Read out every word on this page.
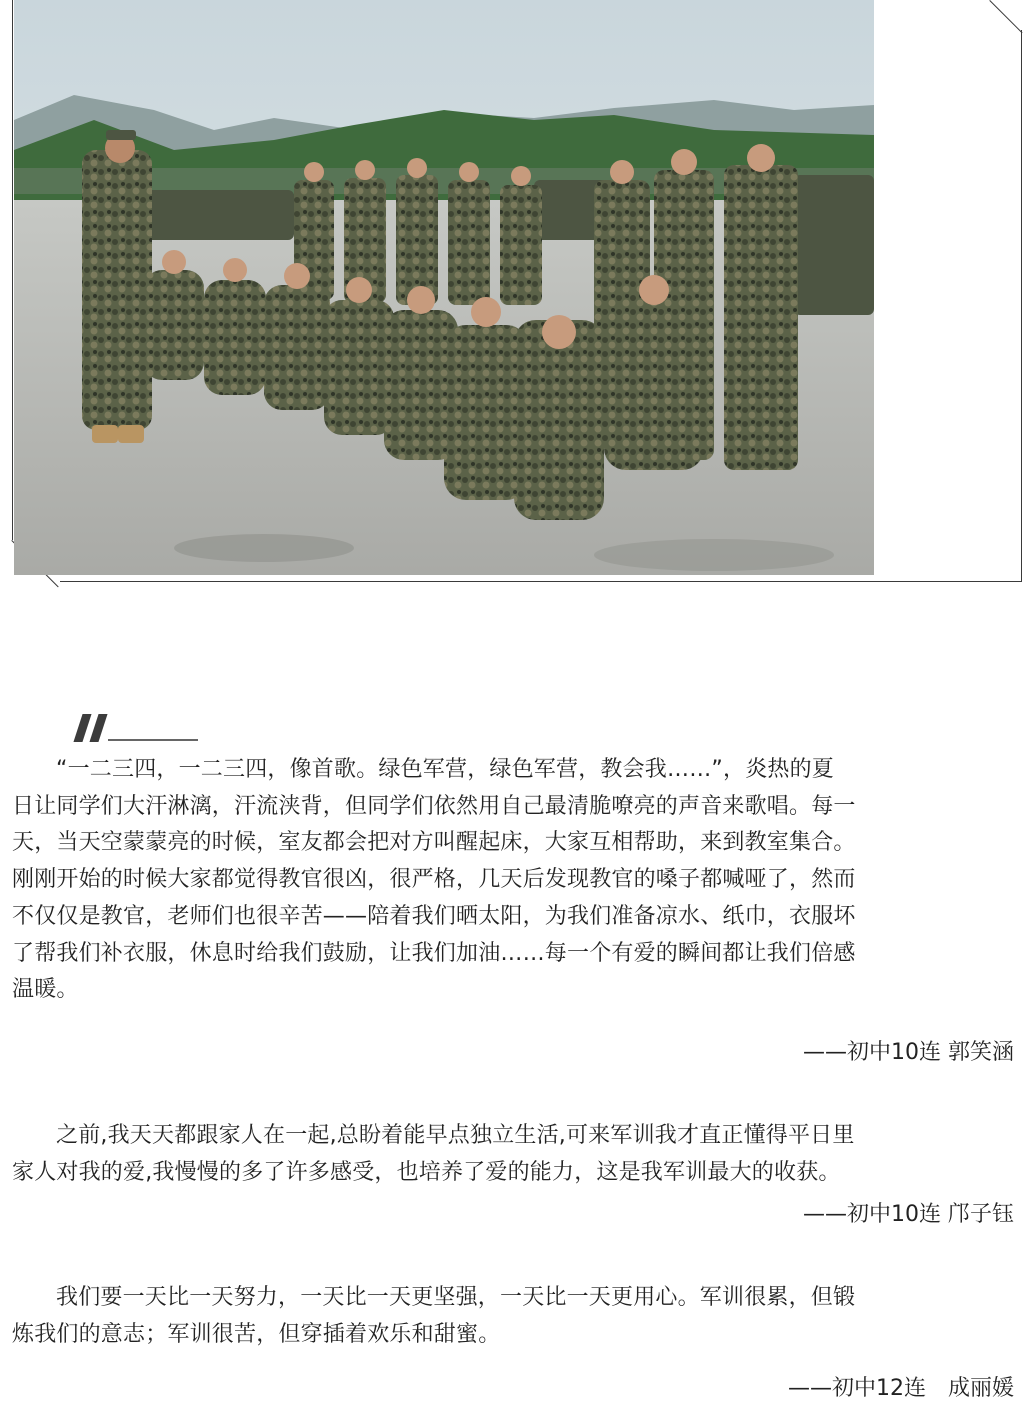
“一二三四，一二三四，像首歌。绿色军营，绿色军营，教会我……”，炎热的夏

日让同学们大汗淋漓，汗流浃背，但同学们依然用自己最清脆嘹亮的声音来歌唱。每一

天，当天空蒙蒙亮的时候，室友都会把对方叫醒起床，大家互相帮助，来到教室集合。

刚刚开始的时候大家都觉得教官很凶，很严格，几天后发现教官的嗓子都喊哑了，然而

不仅仅是教官，老师们也很辛苦——陪着我们晒太阳，为我们准备凉水、纸巾，衣服坏

了帮我们补衣服，休息时给我们鼓励，让我们加油……每一个有爱的瞬间都让我们倍感

温暖。

——初中10连 郭笑涵

之前,我天天都跟家人在一起,总盼着能早点独立生活,可来军训我才直正懂得平日里

家人对我的爱,我慢慢的多了许多感受，也培养了爱的能力，这是我军训最大的收获。

——初中10连 邝子钰

我们要一天比一天努力，一天比一天更坚强，一天比一天更用心。军训很累，但锻

炼我们的意志；军训很苦，但穿插着欢乐和甜蜜。

——初中12连　成丽媛
